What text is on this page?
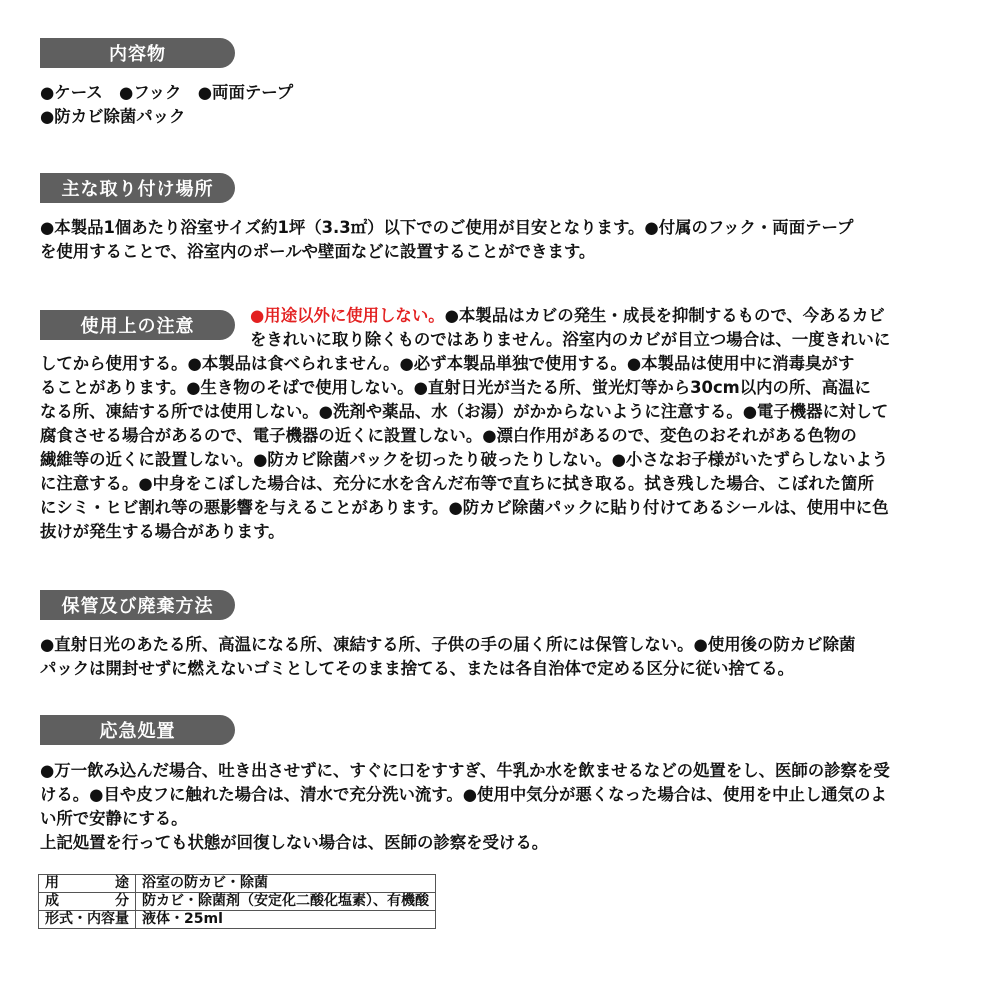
内容物
●ケース　●フック　●両面テープ
●防カビ除菌パック
主な取り付け場所
●本製品1個あたり浴室サイズ約1坪（3.3㎡）以下でのご使用が目安となります。●付属のフック・両面テープ
を使用することで、浴室内のポールや壁面などに設置することができます。
使用上の注意
●用途以外に使用しない。●本製品はカビの発生・成長を抑制するもので、今あるカビ
をきれいに取り除くものではありません。浴室内のカビが目立つ場合は、一度きれいに
してから使用する。●本製品は食べられません。●必ず本製品単独で使用する。●本製品は使用中に消毒臭がす
ることがあります。●生き物のそばで使用しない。●直射日光が当たる所、蛍光灯等から30cm以内の所、高温に
なる所、凍結する所では使用しない。●洗剤や薬品、水（お湯）がかからないように注意する。●電子機器に対して
腐食させる場合があるので、電子機器の近くに設置しない。●漂白作用があるので、変色のおそれがある色物の
繊維等の近くに設置しない。●防カビ除菌パックを切ったり破ったりしない。●小さなお子様がいたずらしないよう
に注意する。●中身をこぼした場合は、充分に水を含んだ布等で直ちに拭き取る。拭き残した場合、こぼれた箇所
にシミ・ヒビ割れ等の悪影響を与えることがあります。●防カビ除菌パックに貼り付けてあるシールは、使用中に色
抜けが発生する場合があります。
保管及び廃棄方法
●直射日光のあたる所、高温になる所、凍結する所、子供の手の届く所には保管しない。●使用後の防カビ除菌
パックは開封せずに燃えないゴミとしてそのまま捨てる、または各自治体で定める区分に従い捨てる。
応急処置
●万一飲み込んだ場合、吐き出させずに、すぐに口をすすぎ、牛乳か水を飲ませるなどの処置をし、医師の診察を受
ける。●目や皮フに触れた場合は、清水で充分洗い流す。●使用中気分が悪くなった場合は、使用を中止し通気のよ
い所で安静にする。
上記処置を行っても状態が回復しない場合は、医師の診察を受ける。
用 途	浴室の防カビ・除菌

成 分	防カビ・除菌剤（安定化二酸化塩素）、有機酸
形式・内容量	液体・25ml
